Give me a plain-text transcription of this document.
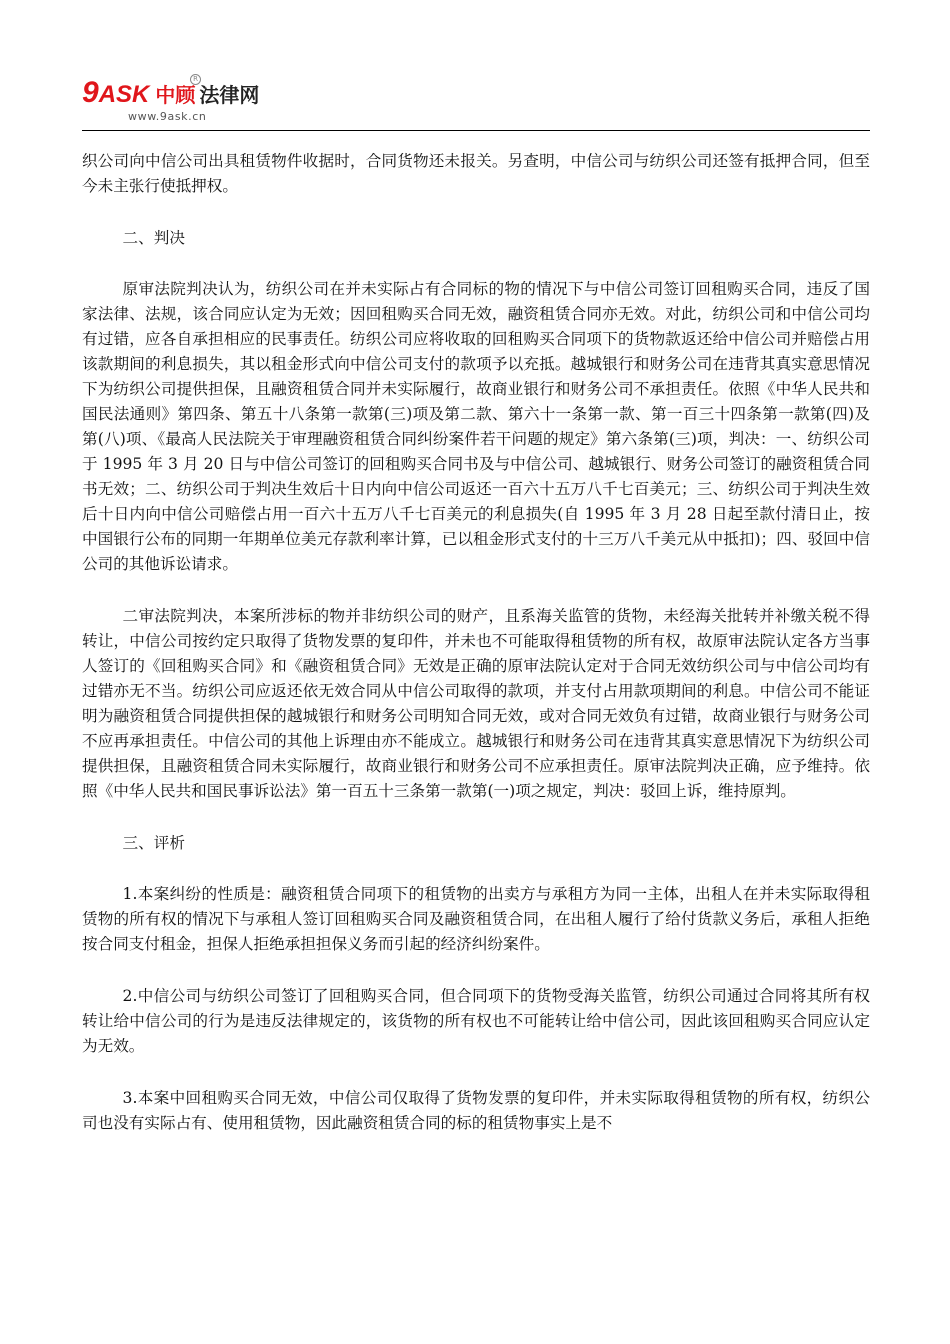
9 ASK 中顾 法律网
R
www.9ask.cn

织公司向中信公司出具租赁物件收据时，合同货物还未报关。另查明，中信公司与纺织公司还签有抵押合同，但至今未主张行使抵押权。

二、判决

原审法院判决认为，纺织公司在并未实际占有合同标的物的情况下与中信公司签订回租购买合同，违反了国家法律、法规，该合同应认定为无效；因回租购买合同无效，融资租赁合同亦无效。对此，纺织公司和中信公司均有过错，应各自承担相应的民事责任。纺织公司应将收取的回租购买合同项下的货物款返还给中信公司并赔偿占用该款期间的利息损失，其以租金形式向中信公司支付的款项予以充抵。越城银行和财务公司在违背其真实意思情况下为纺织公司提供担保，且融资租赁合同并未实际履行，故商业银行和财务公司不承担责任。依照《中华人民共和国民法通则》第四条、第五十八条第一款第(三)项及第二款、第六十一条第一款、第一百三十四条第一款第(四)及第(八)项、《最高人民法院关于审理融资租赁合同纠纷案件若干问题的规定》第六条第(三)项，判决：一、纺织公司于 1995 年 3 月 20 日与中信公司签订的回租购买合同书及与中信公司、越城银行、财务公司签订的融资租赁合同书无效；二、纺织公司于判决生效后十日内向中信公司返还一百六十五万八千七百美元；三、纺织公司于判决生效后十日内向中信公司赔偿占用一百六十五万八千七百美元的利息损失(自 1995 年 3 月 28 日起至款付清日止，按中国银行公布的同期一年期单位美元存款利率计算，已以租金形式支付的十三万八千美元从中抵扣)；四、驳回中信公司的其他诉讼请求。

二审法院判决，本案所涉标的物并非纺织公司的财产，且系海关监管的货物，未经海关批转并补缴关税不得转让，中信公司按约定只取得了货物发票的复印件，并未也不可能取得租赁物的所有权，故原审法院认定各方当事人签订的《回租购买合同》和《融资租赁合同》无效是正确的原审法院认定对于合同无效纺织公司与中信公司均有过错亦无不当。纺织公司应返还依无效合同从中信公司取得的款项，并支付占用款项期间的利息。中信公司不能证明为融资租赁合同提供担保的越城银行和财务公司明知合同无效，或对合同无效负有过错，故商业银行与财务公司不应再承担责任。中信公司的其他上诉理由亦不能成立。越城银行和财务公司在违背其真实意思情况下为纺织公司提供担保，且融资租赁合同未实际履行，故商业银行和财务公司不应承担责任。原审法院判决正确，应予维持。依照《中华人民共和国民事诉讼法》第一百五十三条第一款第(一)项之规定，判决：驳回上诉，维持原判。

三、评析

1.本案纠纷的性质是：融资租赁合同项下的租赁物的出卖方与承租方为同一主体，出租人在并未实际取得租赁物的所有权的情况下与承租人签订回租购买合同及融资租赁合同，在出租人履行了给付货款义务后，承租人拒绝按合同支付租金，担保人拒绝承担担保义务而引起的经济纠纷案件。

2.中信公司与纺织公司签订了回租购买合同，但合同项下的货物受海关监管，纺织公司通过合同将其所有权转让给中信公司的行为是违反法律规定的，该货物的所有权也不可能转让给中信公司，因此该回租购买合同应认定为无效。

3.本案中回租购买合同无效，中信公司仅取得了货物发票的复印件，并未实际取得租赁物的所有权，纺织公司也没有实际占有、使用租赁物，因此融资租赁合同的标的租赁物事实上是不
